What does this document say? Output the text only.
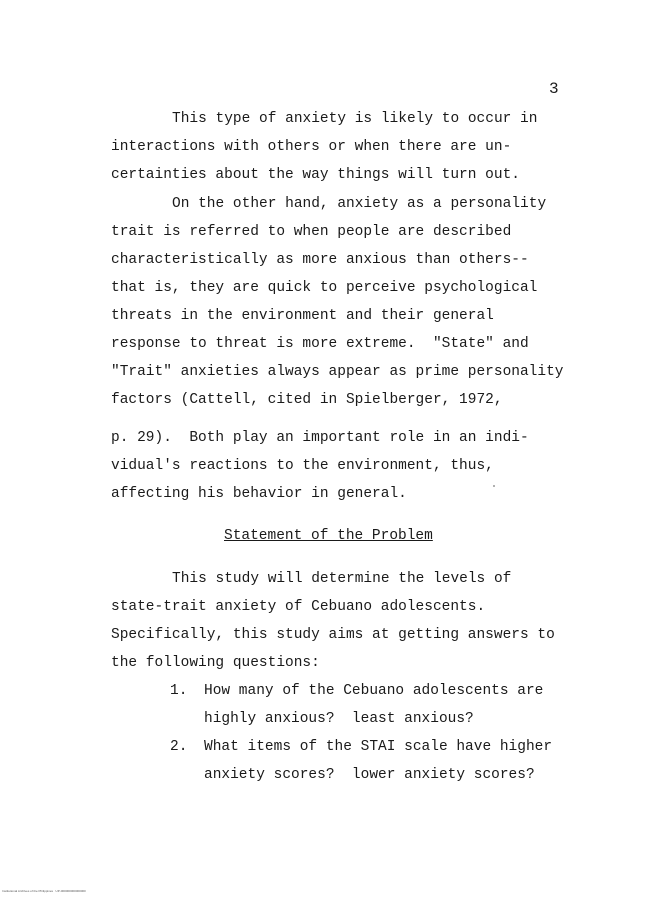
3
This type of anxiety is likely to occur in
interactions with others or when there are un-
certainties about the way things will turn out.
On the other hand, anxiety as a personality
trait is referred to when people are described
characteristically as more anxious than others--
that is, they are quick to perceive psychological
threats in the environment and their general
response to threat is more extreme.  "State" and
"Trait" anxieties always appear as prime personality
factors (Cattell, cited in Spielberger, 1972,
p. 29).  Both play an important role in an indi-
vidual's reactions to the environment, thus,
affecting his behavior in general.
Statement of the Problem
This study will determine the levels of
state-trait anxiety of Cebuano adolescents.
Specifically, this study aims at getting answers to
the following questions:
1. How many of the Cebuano adolescents are
highly anxious?  least anxious?
2. What items of the STAI scale have higher
anxiety scores?  lower anxiety scores?
Institutional Archives of the Philippines   UP-000000000000000
